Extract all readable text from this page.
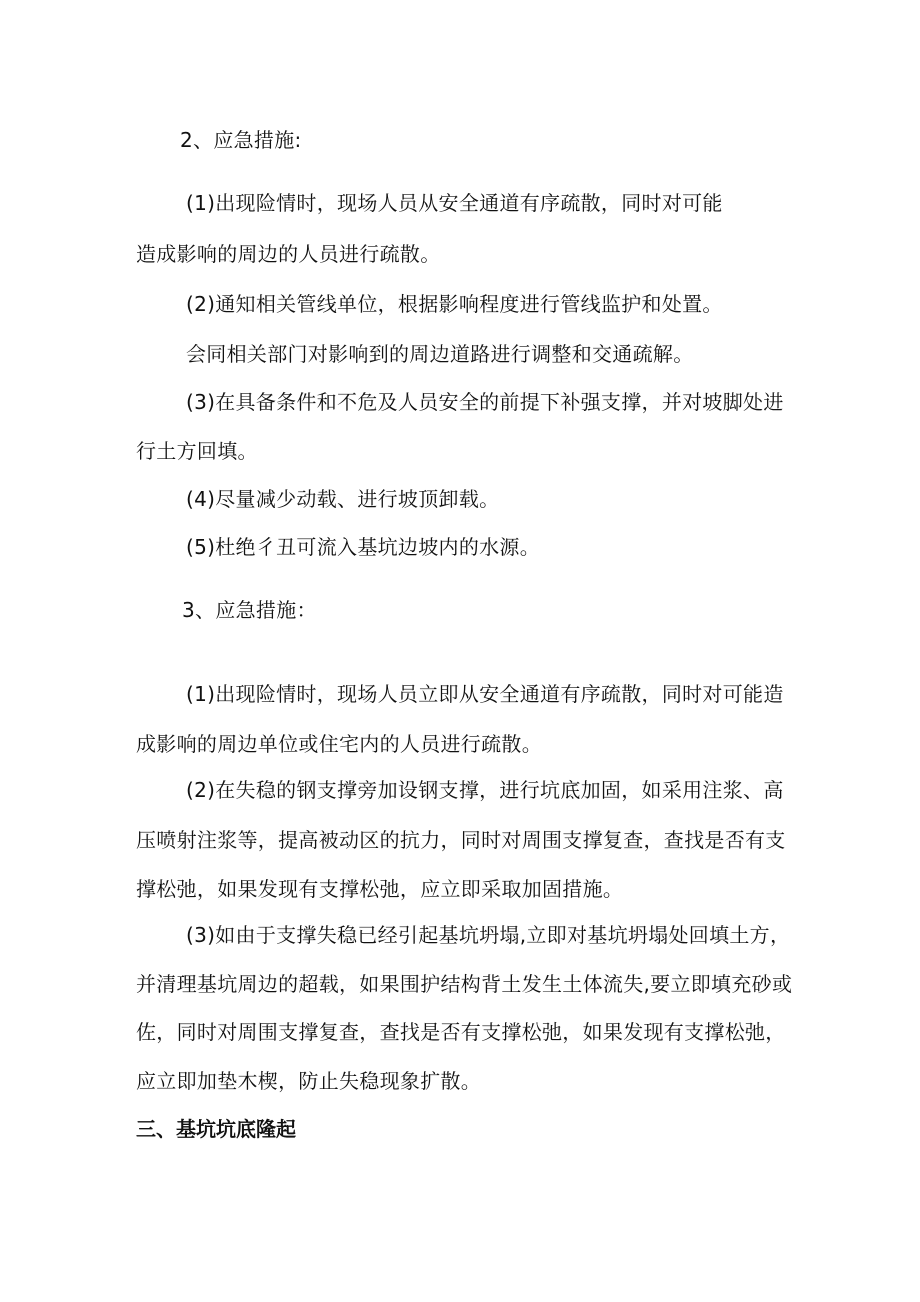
2、应急措施:
(1)出现险情时，现场人员从安全通道有序疏散，同时对可能
造成影响的周边的人员进行疏散。
(2)通知相关管线单位，根据影响程度进行管线监护和处置。
会同相关部门对影响到的周边道路进行调整和交通疏解。
(3)在具备条件和不危及人员安全的前提下补强支撑，并对坡脚处进
行土方回填。
(4)尽量减少动载、进行坡顶卸载。
(5)杜绝彳丑可流入基坑边坡内的水源。
3、应急措施：
(1)出现险情时，现场人员立即从安全通道有序疏散，同时对可能造
成影响的周边单位或住宅内的人员进行疏散。
(2)在失稳的钢支撑旁加设钢支撑，进行坑底加固，如采用注浆、高
压喷射注浆等，提高被动区的抗力，同时对周围支撑复查，查找是否有支
撑松弛，如果发现有支撑松弛，应立即采取加固措施。
(3)如由于支撑失稳已经引起基坑坍塌,立即对基坑坍塌处回填土方，
并清理基坑周边的超载，如果围护结构背土发生土体流失,要立即填充砂或
佐，同时对周围支撑复查，查找是否有支撑松弛，如果发现有支撑松弛，
应立即加垫木楔，防止失稳现象扩散。
三、基坑坑底隆起
